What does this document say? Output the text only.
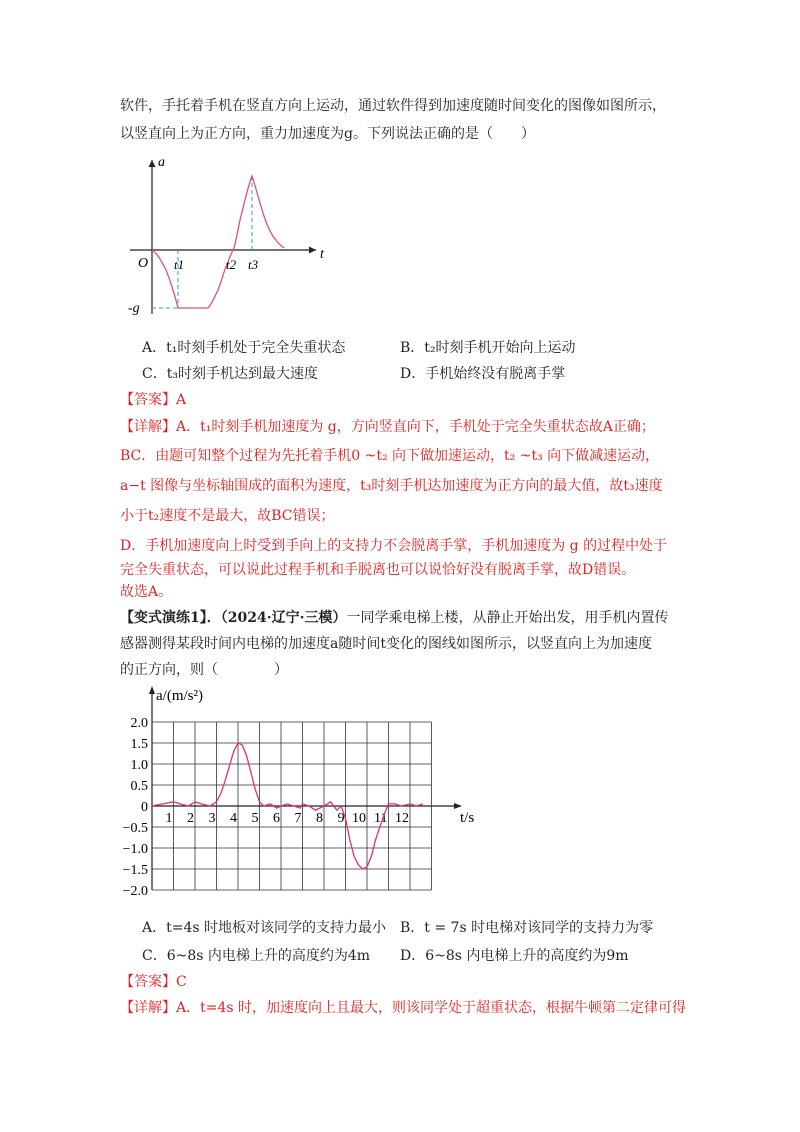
软件，手托着手机在竖直方向上运动，通过软件得到加速度随时间变化的图像如图所示，
以竖直向上为正方向，重力加速度为g。下列说法正确的是（　　）
a
t
O
-g
t1	t2 t3
A．t₁时刻手机处于完全失重状态	B．t₂时刻手机开始向上运动
C．t₃时刻手机达到最大速度	D．手机始终没有脱离手掌
【答案】A
【详解】A．t₁时刻手机加速度为 g，方向竖直向下，手机处于完全失重状态故A正确；
BC．由题可知整个过程为先托着手机0 ~t₂ 向下做加速运动，t₂ ~t₃ 向下做减速运动，
a−t 图像与坐标轴围成的面积为速度，t₃时刻手机达加速度为正方向的最大值，故t₃速度
小于t₂速度不是最大，故BC错误；
D．手机加速度向上时受到手向上的支持力不会脱离手掌，手机加速度为 g 的过程中处于
完全失重状态，可以说此过程手机和手脱离也可以说恰好没有脱离手掌，故D错误。
故选A。
【变式演练1】．（2024·辽宁·三模）一同学乘电梯上楼，从静止开始出发，用手机内置传
感器测得某段时间内电梯的加速度a随时间t变化的图线如图所示，以竖直向上为加速度
的正方向，则（　　　　）
2.0
1.5
1.0
0.5
0
−0.5
−1.0
−1.5
−2.0
1 2 3 4 5 6 7 8 9 10 11 12
a/(m/s²)
t/s
A．t=4s 时地板对该同学的支持力最小 B．t = 7s 时电梯对该同学的支持力为零
C．6~8s 内电梯上升的高度约为4m D．6~8s 内电梯上升的高度约为9m
【答案】C
【详解】A．t=4s 时，加速度向上且最大，则该同学处于超重状态，根据牛顿第二定律可得
